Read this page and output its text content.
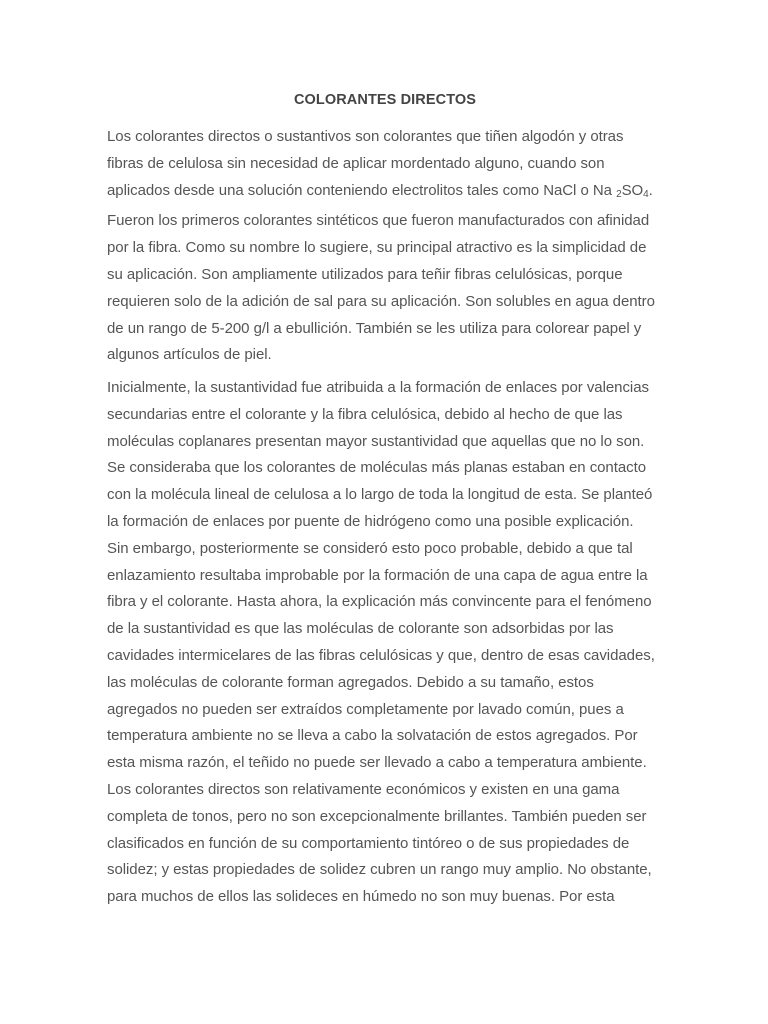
COLORANTES DIRECTOS

Los colorantes directos o sustantivos son colorantes que tiñen algodón y otras
fibras de celulosa sin necesidad de aplicar mordentado alguno, cuando son
aplicados desde una solución conteniendo electrolitos tales como NaCl o Na $_2SO_4$.
Fueron los primeros colorantes sintéticos que fueron manufacturados con afinidad
por la fibra. Como su nombre lo sugiere, su principal atractivo es la simplicidad de
su aplicación. Son ampliamente utilizados para teñir fibras celulósicas, porque
requieren solo de la adición de sal para su aplicación. Son solubles en agua dentro
de un rango de 5-200 g/l a ebullición. También se les utiliza para colorear papel y
algunos artículos de piel.

Inicialmente, la sustantividad fue atribuida a la formación de enlaces por valencias
secundarias entre el colorante y la fibra celulósica, debido al hecho de que las
moléculas coplanares presentan mayor sustantividad que aquellas que no lo son.
Se consideraba que los colorantes de moléculas más planas estaban en contacto
con la molécula lineal de celulosa a lo largo de toda la longitud de esta. Se planteó
la formación de enlaces por puente de hidrógeno como una posible explicación.
Sin embargo, posteriormente se consideró esto poco probable, debido a que tal
enlazamiento resultaba improbable por la formación de una capa de agua entre la
fibra y el colorante. Hasta ahora, la explicación más convincente para el fenómeno
de la sustantividad es que las moléculas de colorante son adsorbidas por las
cavidades intermicelares de las fibras celulósicas y que, dentro de esas cavidades,
las moléculas de colorante forman agregados. Debido a su tamaño, estos
agregados no pueden ser extraídos completamente por lavado común, pues a
temperatura ambiente no se lleva a cabo la solvatación de estos agregados. Por
esta misma razón, el teñido no puede ser llevado a cabo a temperatura ambiente.
Los colorantes directos son relativamente económicos y existen en una gama
completa de tonos, pero no son excepcionalmente brillantes. También pueden ser
clasificados en función de su comportamiento tintóreo o de sus propiedades de
solidez; y estas propiedades de solidez cubren un rango muy amplio. No obstante,
para muchos de ellos las solideces en húmedo no son muy buenas. Por esta
